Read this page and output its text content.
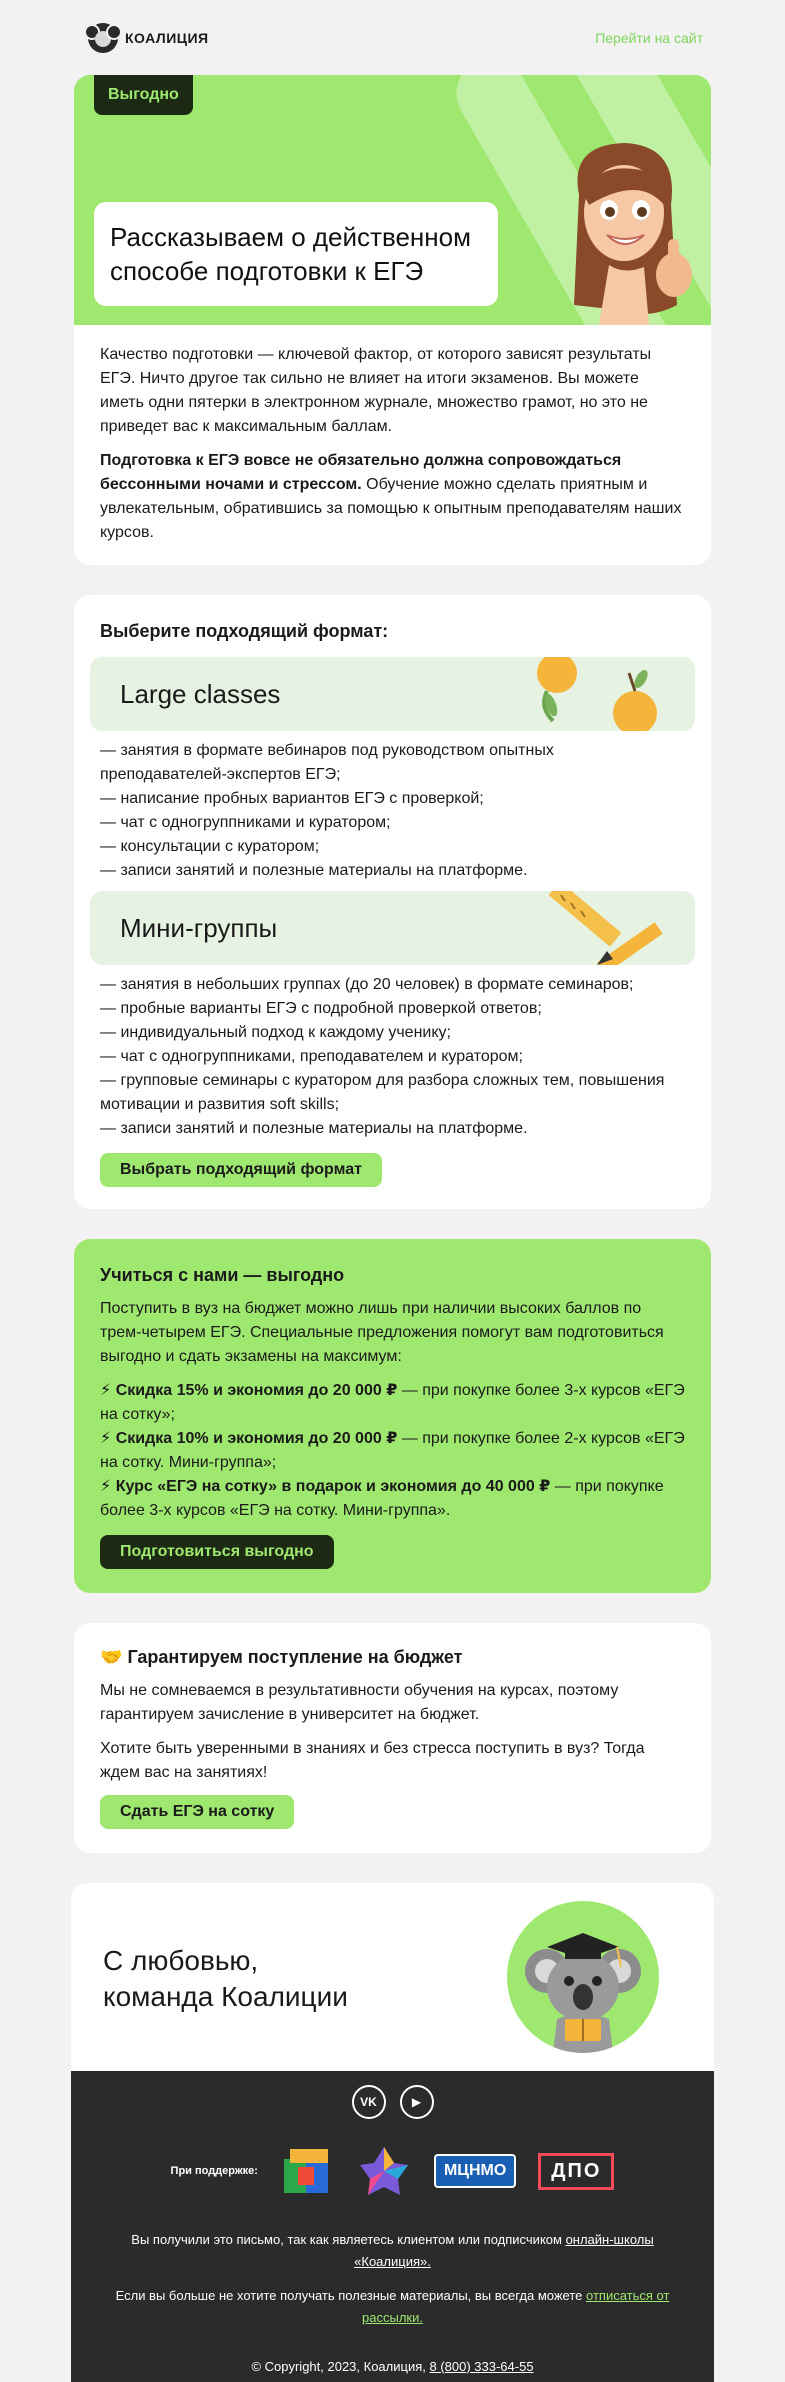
КОАЛИЦИЯ	Перейти на сайт
Выгодно
Рассказываем о действенном способе подготовки к ЕГЭ

Качество подготовки — ключевой фактор, от которого зависят результаты ЕГЭ. Ничто другое так сильно не влияет на итоги экзаменов. Вы можете иметь одни пятерки в электронном журнале, множество грамот, но это не приведет вас к максимальным баллам.

Подготовка к ЕГЭ вовсе не обязательно должна сопровождаться бессонными ночами и стрессом. Обучение можно сделать приятным и увлекательным, обратившись за помощью к опытным преподавателям наших курсов.

Выберите подходящий формат:
Large classes
— занятия в формате вебинаров под руководством опытных преподавателей-экспертов ЕГЭ;
— написание пробных вариантов ЕГЭ с проверкой;
— чат с одногруппниками и куратором;
— консультации с куратором;
— записи занятий и полезные материалы на платформе.
Мини-группы
— занятия в небольших группах (до 20 человек) в формате семинаров;
— пробные варианты ЕГЭ с подробной проверкой ответов;
— индивидуальный подход к каждому ученику;
— чат с одногруппниками, преподавателем и куратором;
— групповые семинары с куратором для разбора сложных тем, повышения мотивации и развития soft skills;
— записи занятий и полезные материалы на платформе.
Выбрать подходящий формат
Учиться с нами — выгодно

Поступить в вуз на бюджет можно лишь при наличии высоких баллов по трем-четырем ЕГЭ. Специальные предложения помогут вам подготовиться выгодно и сдать экзамены на максимум:

⚡ Скидка 15% и экономия до 20 000 ₽ — при покупке более 3-х курсов «ЕГЭ на сотку»;
⚡ Скидка 10% и экономия до 20 000 ₽ — при покупке более 2-х курсов «ЕГЭ на сотку. Мини-группа»;
⚡ Курс «ЕГЭ на сотку» в подарок и экономия до 40 000 ₽ — при покупке более 3-х курсов «ЕГЭ на сотку. Мини-группа».
Подготовиться выгодно
🤝 Гарантируем поступление на бюджет

Мы не сомневаемся в результативности обучения на курсах, поэтому гарантируем зачисление в университет на бюджет.

Хотите быть уверенными в знаниях и без стресса поступить в вуз? Тогда ждем вас на занятиях!

Сдать ЕГЭ на сотку
С любовью,
команда Коалиции
VK	▶
При поддержке:	МЦНМО	ДПО
Вы получили это письмо, так как являетесь клиентом или подписчиком онлайн-школы «Коалиция».
Если вы больше не хотите получать полезные материалы, вы всегда можете отписаться от рассылки.
© Copyright, 2023, Коалиция, 8 (800) 333-64-55
